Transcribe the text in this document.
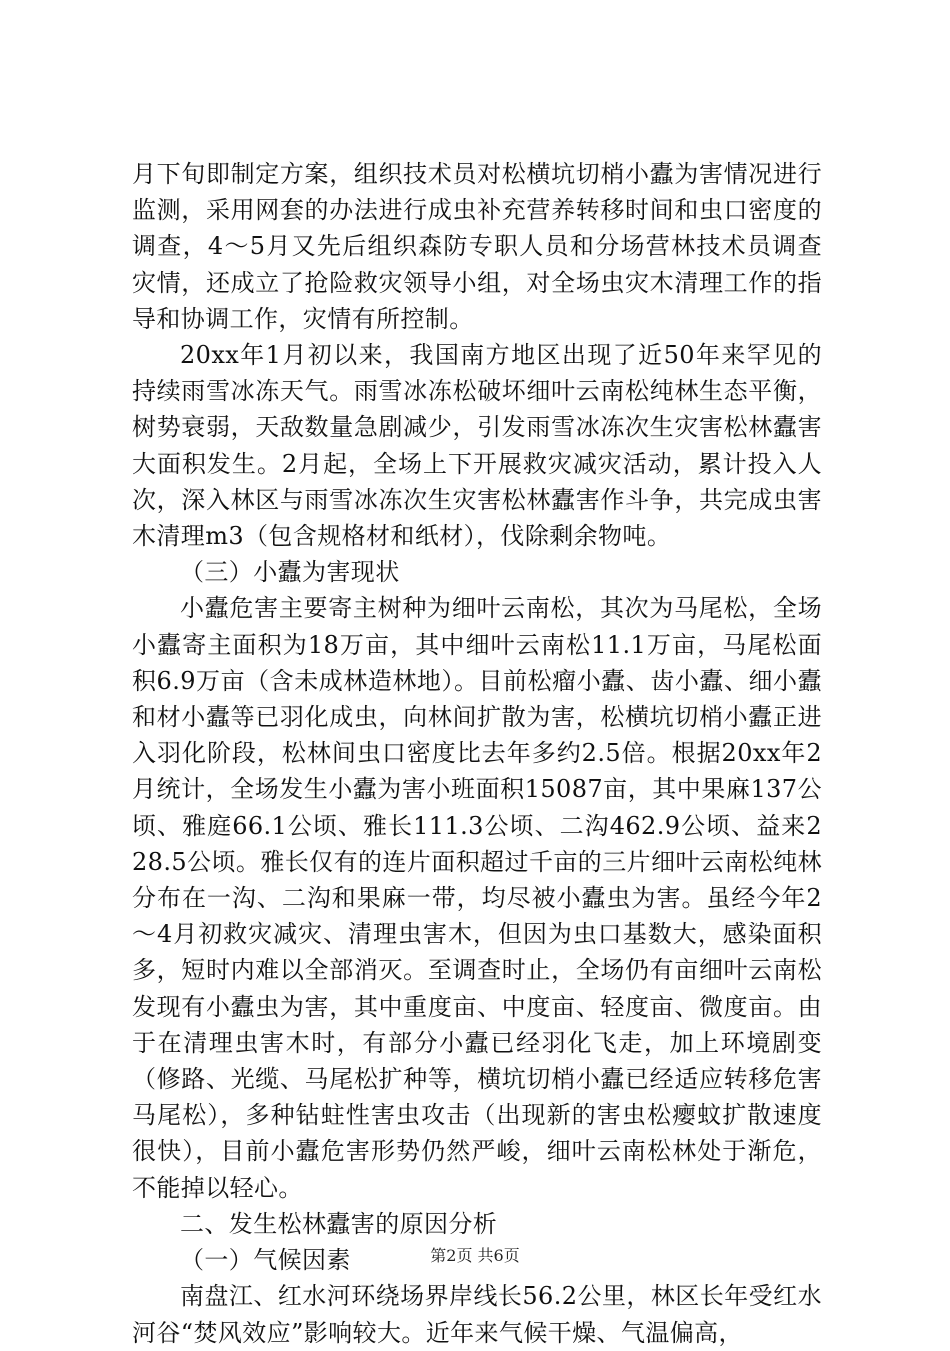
月下旬即制定方案，组织技术员对松横坑切梢小蠹为害情况进行监测，采用网套的办法进行成虫补充营养转移时间和虫口密度的调查，4～5月又先后组织森防专职人员和分场营林技术员调查灾情，还成立了抢险救灾领导小组，对全场虫灾木清理工作的指导和协调工作，灾情有所控制。

20xx年1月初以来，我国南方地区出现了近50年来罕见的持续雨雪冰冻天气。雨雪冰冻松破坏细叶云南松纯林生态平衡，树势衰弱，天敌数量急剧减少，引发雨雪冰冻次生灾害松林蠹害大面积发生。2月起，全场上下开展救灾减灾活动，累计投入人次，深入林区与雨雪冰冻次生灾害松林蠹害作斗争，共完成虫害木清理m3（包含规格材和纸材），伐除剩余物吨。

（三）小蠹为害现状

小蠹危害主要寄主树种为细叶云南松，其次为马尾松，全场小蠹寄主面积为18万亩，其中细叶云南松11.1万亩，马尾松面积6.9万亩（含未成林造林地）。目前松瘤小蠹、齿小蠹、细小蠹和材小蠹等已羽化成虫，向林间扩散为害，松横坑切梢小蠹正进入羽化阶段，松林间虫口密度比去年多约2.5倍。根据20xx年2月统计，全场发生小蠹为害小班面积15087亩，其中果麻137公顷、雅庭66.1公顷、雅长111.3公顷、二沟462.9公顷、益来228.5公顷。雅长仅有的连片面积超过千亩的三片细叶云南松纯林分布在一沟、二沟和果麻一带，均尽被小蠹虫为害。虽经今年2～4月初救灾减灾、清理虫害木，但因为虫口基数大，感染面积多，短时内难以全部消灭。至调查时止，全场仍有亩细叶云南松发现有小蠹虫为害，其中重度亩、中度亩、轻度亩、微度亩。由于在清理虫害木时，有部分小蠹已经羽化飞走，加上环境剧变（修路、光缆、马尾松扩种等，横坑切梢小蠹已经适应转移危害马尾松），多种钻蛀性害虫攻击（出现新的害虫松瘿蚊扩散速度很快），目前小蠹危害形势仍然严峻，细叶云南松林处于渐危，不能掉以轻心。

二、发生松林蠹害的原因分析

（一）气候因素

南盘江、红水河环绕场界岸线长56.2公里，林区长年受红水河谷“焚风效应”影响较大。近年来气候干燥、气温偏高，

第2页 共6页
